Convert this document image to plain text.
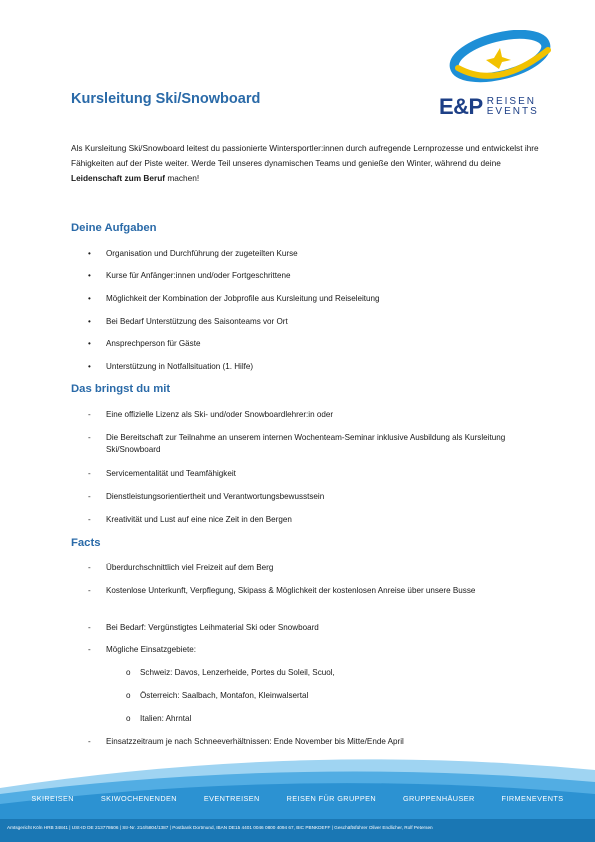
Kursleitung Ski/Snowboard	E&P REISEN
EVENTS

Als Kursleitung Ski/Snowboard leitest du passionierte Wintersportler:innen durch aufregende Lernprozesse und entwickelst ihre Fähigkeiten auf der Piste weiter. Werde Teil unseres dynamischen Teams und genieße den Winter, während du deine Leidenschaft zum Beruf machen!

Deine Aufgaben
•	Organisation und Durchführung der zugeteilten Kurse
•	Kurse für Anfänger:innen und/oder Fortgeschrittene
•	Möglichkeit der Kombination der Jobprofile aus Kursleitung und Reiseleitung
•	Bei Bedarf Unterstützung des Saisonteams vor Ort
•	Ansprechperson für Gäste
•	Unterstützung in Notfallsituation (1. Hilfe)
Das bringst du mit
-	Eine offizielle Lizenz als Ski- und/oder Snowboardlehrer:in oder
-	Die Bereitschaft zur Teilnahme an unserem internen Wochenteam-Seminar inklusive Ausbildung als Kursleitung Ski/Snowboard
-	Servicementalität und Teamfähigkeit
-	Dienstleistungsorientiertheit und Verantwortungsbewusstsein
-	Kreativität und Lust auf eine nice Zeit in den Bergen
Facts
-	Überdurchschnittlich viel Freizeit auf dem Berg
-	Kostenlose Unterkunft, Verpflegung, Skipass & Möglichkeit der kostenlosen Anreise über unsere Busse
-	Bei Bedarf: Vergünstigtes Leihmaterial Ski oder Snowboard
-	Mögliche Einsatzgebiete:
o	Schweiz: Davos, Lenzerheide, Portes du Soleil, Scuol,
o	Österreich: Saalbach, Montafon, Kleinwalsertal
o	Italien: Ahrntal
-	Einsatzzeitraum je nach Schneeverhältnissen: Ende November bis Mitte/Ende April
SKIREISEN	SKIWOCHENENDEN	EVENTREISEN	REISEN FÜR GRUPPEN	GRUPPENHÄUSER	FIRMENEVENTS
Amtsgericht Köln HRB 34841 | USt-ID DE 213778606 | Str-Nr. 214/5804/1387 | Postbank Dortmund, IBAN DE15 4401 0046 0800 4094 67, BIC PBNKDEFF | Geschäftsführer Oliver Endlicher, Rolf Petersen
